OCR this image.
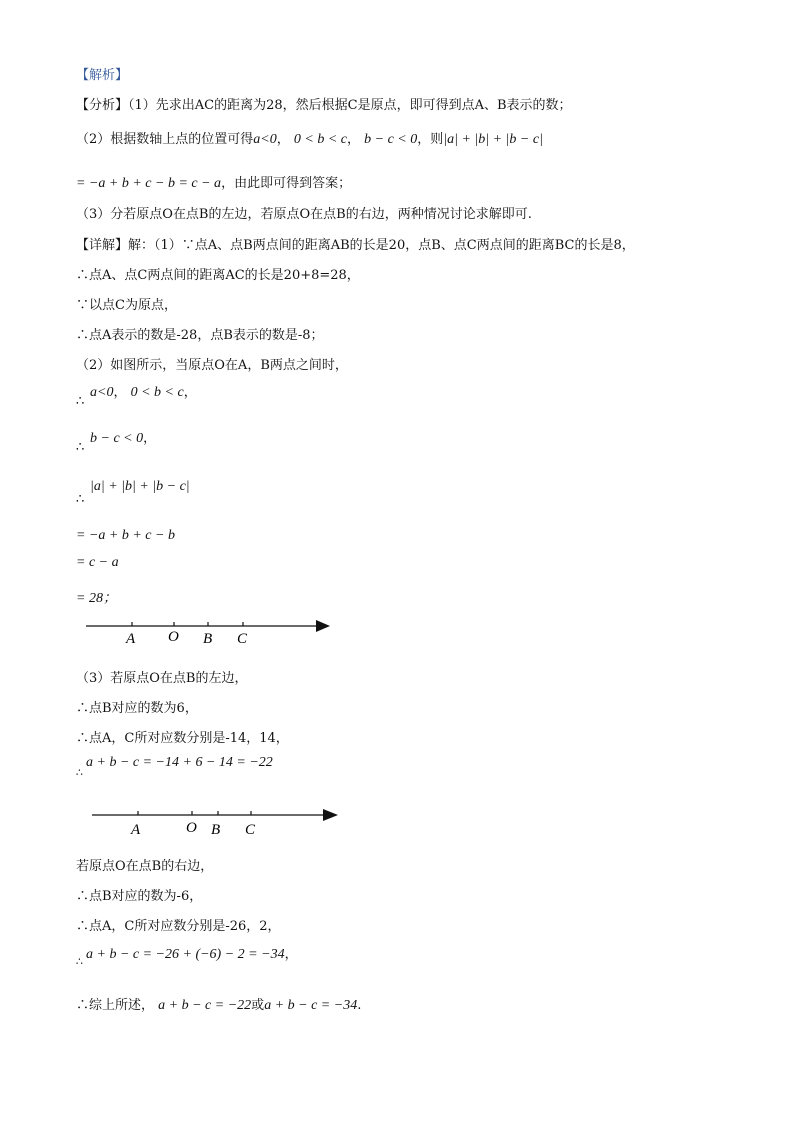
【解析】
【分析】（1）先求出AC的距离为28，然后根据C是原点，即可得到点A、B表示的数；
（2）根据数轴上点的位置可得a<0， 0 < b < c， b − c < 0，则|a| + |b| + |b − c|
= −a + b + c − b = c − a，由此即可得到答案；
（3）分若原点O在点B的左边，若原点O在点B的右边，两种情况讨论求解即可.
【详解】解：（1）∵点A、点B两点间的距离AB的长是20，点B、点C两点间的距离BC的长是8，
∴点A、点C两点间的距离AC的长是20+8=28，
∵以点C为原点，
∴点A表示的数是-28，点B表示的数是-8；
（2）如图所示，当原点O在A，B两点之间时，
∴
a<0， 0 < b < c，
∴
b − c < 0，
∴
|a| + |b| + |b − c|
= −a + b + c − b
= c − a
= 28；
A O B C
（3）若原点O在点B的左边，
∴点B对应的数为6，
∴点A，C所对应数分别是-14，14，
∴
a + b − c = −14 + 6 − 14 = −22
A	O B C
若原点O在点B的右边，
∴点B对应的数为-6，
∴点A，C所对应数分别是-26，2，
∴ a + b − c = −26 + (−6) − 2 = −34，
∴综上所述， a + b − c = −22或a + b − c = −34.
